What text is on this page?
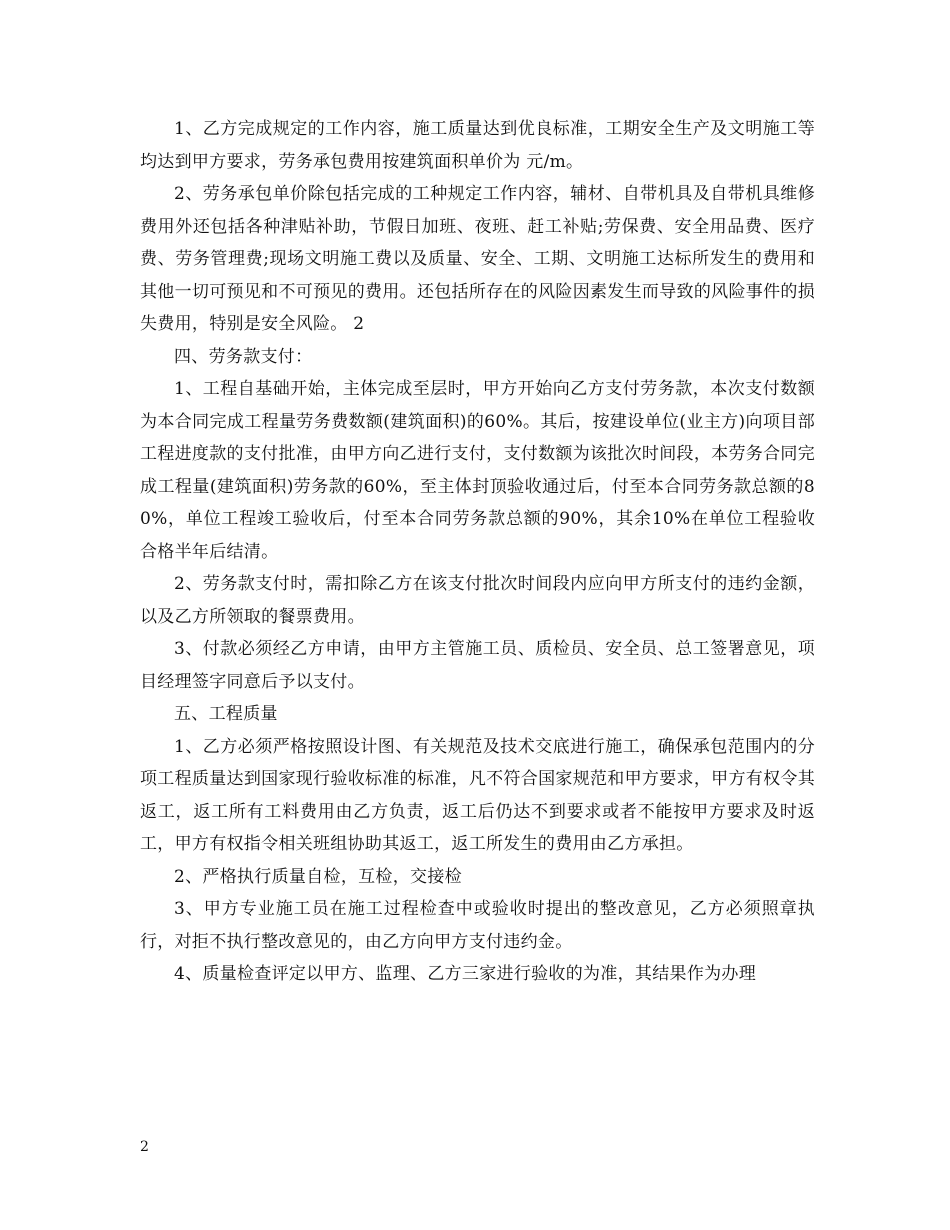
1、乙方完成规定的工作内容，施工质量达到优良标准，工期安全生产及文明施工等均达到甲方要求，劳务承包费用按建筑面积单价为 元/m。

2、劳务承包单价除包括完成的工种规定工作内容，辅材、自带机具及自带机具维修费用外还包括各种津贴补助，节假日加班、夜班、赶工补贴;劳保费、安全用品费、医疗费、劳务管理费;现场文明施工费以及质量、安全、工期、文明施工达标所发生的费用和其他一切可预见和不可预见的费用。还包括所存在的风险因素发生而导致的风险事件的损失费用，特别是安全风险。 2

四、劳务款支付：

1、工程自基础开始，主体完成至层时，甲方开始向乙方支付劳务款，本次支付数额为本合同完成工程量劳务费数额(建筑面积)的60%。其后，按建设单位(业主方)向项目部工程进度款的支付批准，由甲方向乙进行支付，支付数额为该批次时间段，本劳务合同完成工程量(建筑面积)劳务款的60%，至主体封顶验收通过后，付至本合同劳务款总额的80%，单位工程竣工验收后，付至本合同劳务款总额的90%，其余10%在单位工程验收合格半年后结清。

2、劳务款支付时，需扣除乙方在该支付批次时间段内应向甲方所支付的违约金额，以及乙方所领取的餐票费用。

3、付款必须经乙方申请，由甲方主管施工员、质检员、安全员、总工签署意见，项目经理签字同意后予以支付。

五、工程质量

1、乙方必须严格按照设计图、有关规范及技术交底进行施工，确保承包范围内的分项工程质量达到国家现行验收标准的标准，凡不符合国家规范和甲方要求，甲方有权令其返工，返工所有工料费用由乙方负责，返工后仍达不到要求或者不能按甲方要求及时返工，甲方有权指令相关班组协助其返工，返工所发生的费用由乙方承担。

2、严格执行质量自检，互检，交接检

3、甲方专业施工员在施工过程检查中或验收时提出的整改意见，乙方必须照章执行，对拒不执行整改意见的，由乙方向甲方支付违约金。

4、质量检查评定以甲方、监理、乙方三家进行验收的为准，其结果作为办理

2
